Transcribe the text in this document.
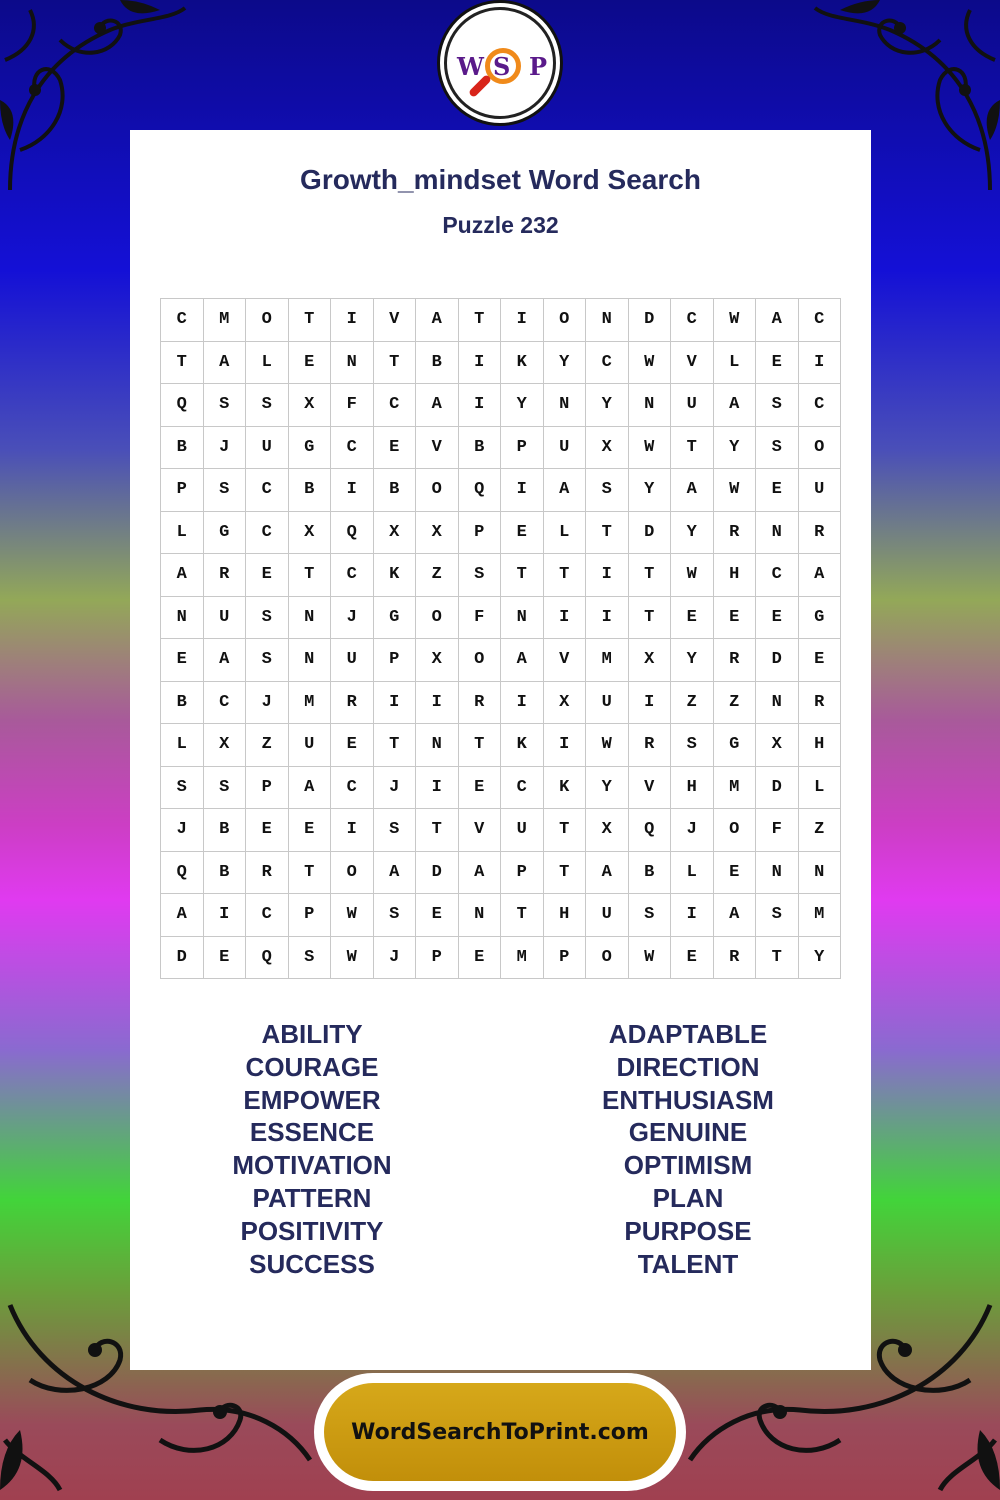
W S P
Growth_mindset Word Search
Puzzle 232
C	M	O	T	I	V	A	T	I	O	N	D	C	W	A	C
T	A	L	E	N	T	B	I	K	Y	C	W	V	L	E	I
Q	S	S	X	F	C	A	I	Y	N	Y	N	U	A	S	C
B	J	U	G	C	E	V	B	P	U	X	W	T	Y	S	O
P	S	C	B	I	B	O	Q	I	A	S	Y	A	W	E	U
L	G	C	X	Q	X	X	P	E	L	T	D	Y	R	N	R
A	R	E	T	C	K	Z	S	T	T	I	T	W	H	C	A
N	U	S	N	J	G	O	F	N	I	I	T	E	E	E	G
E	A	S	N	U	P	X	O	A	V	M	X	Y	R	D	E
B	C	J	M	R	I	I	R	I	X	U	I	Z	Z	N	R
L	X	Z	U	E	T	N	T	K	I	W	R	S	G	X	H
S	S	P	A	C	J	I	E	C	K	Y	V	H	M	D	L
J	B	E	E	I	S	T	V	U	T	X	Q	J	O	F	Z
Q	B	R	T	O	A	D	A	P	T	A	B	L	E	N	N
A	I	C	P	W	S	E	N	T	H	U	S	I	A	S	M
D	E	Q	S	W	J	P	E	M	P	O	W	E	R	T	Y
ABILITY
COURAGE
EMPOWER
ESSENCE
MOTIVATION
PATTERN
POSITIVITY
SUCCESS
ADAPTABLE
DIRECTION
ENTHUSIASM
GENUINE
OPTIMISM
PLAN
PURPOSE
TALENT
WordSearchToPrint.com
